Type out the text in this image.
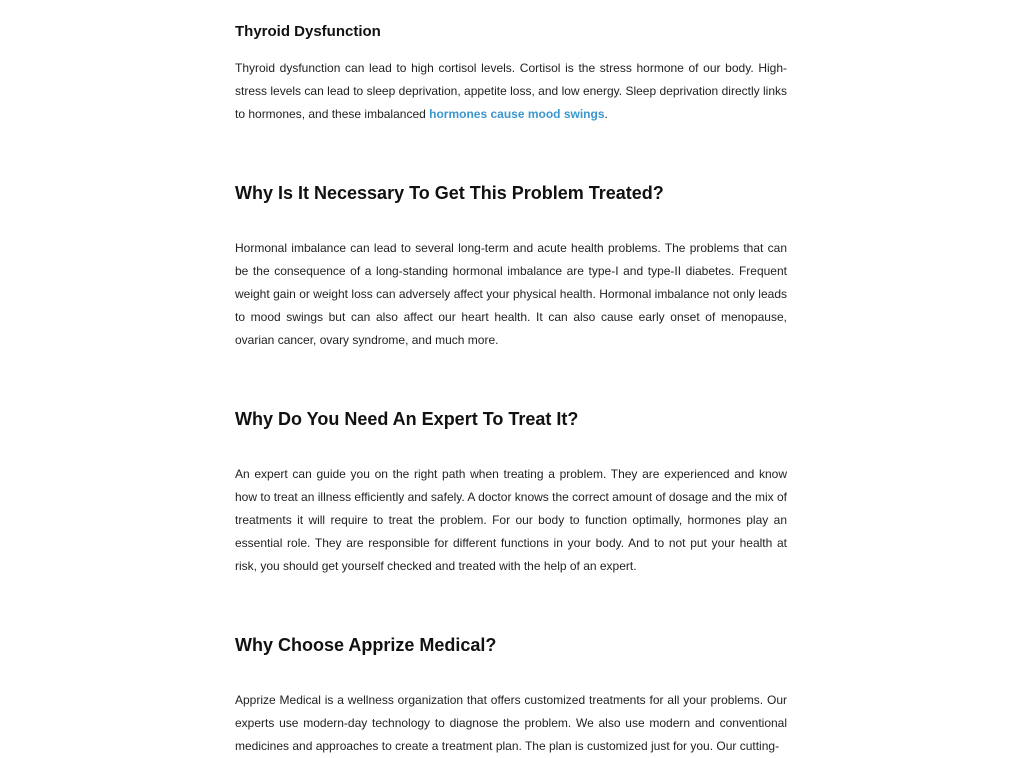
Thyroid Dysfunction

Thyroid dysfunction can lead to high cortisol levels. Cortisol is the stress hormone of our body. High-stress levels can lead to sleep deprivation, appetite loss, and low energy. Sleep deprivation directly links to hormones, and these imbalanced hormones cause mood swings.

Why Is It Necessary To Get This Problem Treated?

Hormonal imbalance can lead to several long-term and acute health problems. The problems that can be the consequence of a long-standing hormonal imbalance are type-I and type-II diabetes. Frequent weight gain or weight loss can adversely affect your physical health. Hormonal imbalance not only leads to mood swings but can also affect our heart health. It can also cause early onset of menopause, ovarian cancer, ovary syndrome, and much more.

Why Do You Need An Expert To Treat It?

An expert can guide you on the right path when treating a problem. They are experienced and know how to treat an illness efficiently and safely. A doctor knows the correct amount of dosage and the mix of treatments it will require to treat the problem. For our body to function optimally, hormones play an essential role. They are responsible for different functions in your body. And to not put your health at risk, you should get yourself checked and treated with the help of an expert.

Why Choose Apprize Medical?

Apprize Medical is a wellness organization that offers customized treatments for all your problems. Our experts use modern-day technology to diagnose the problem. We also use modern and conventional medicines and approaches to create a treatment plan. The plan is customized just for you. Our cutting-
